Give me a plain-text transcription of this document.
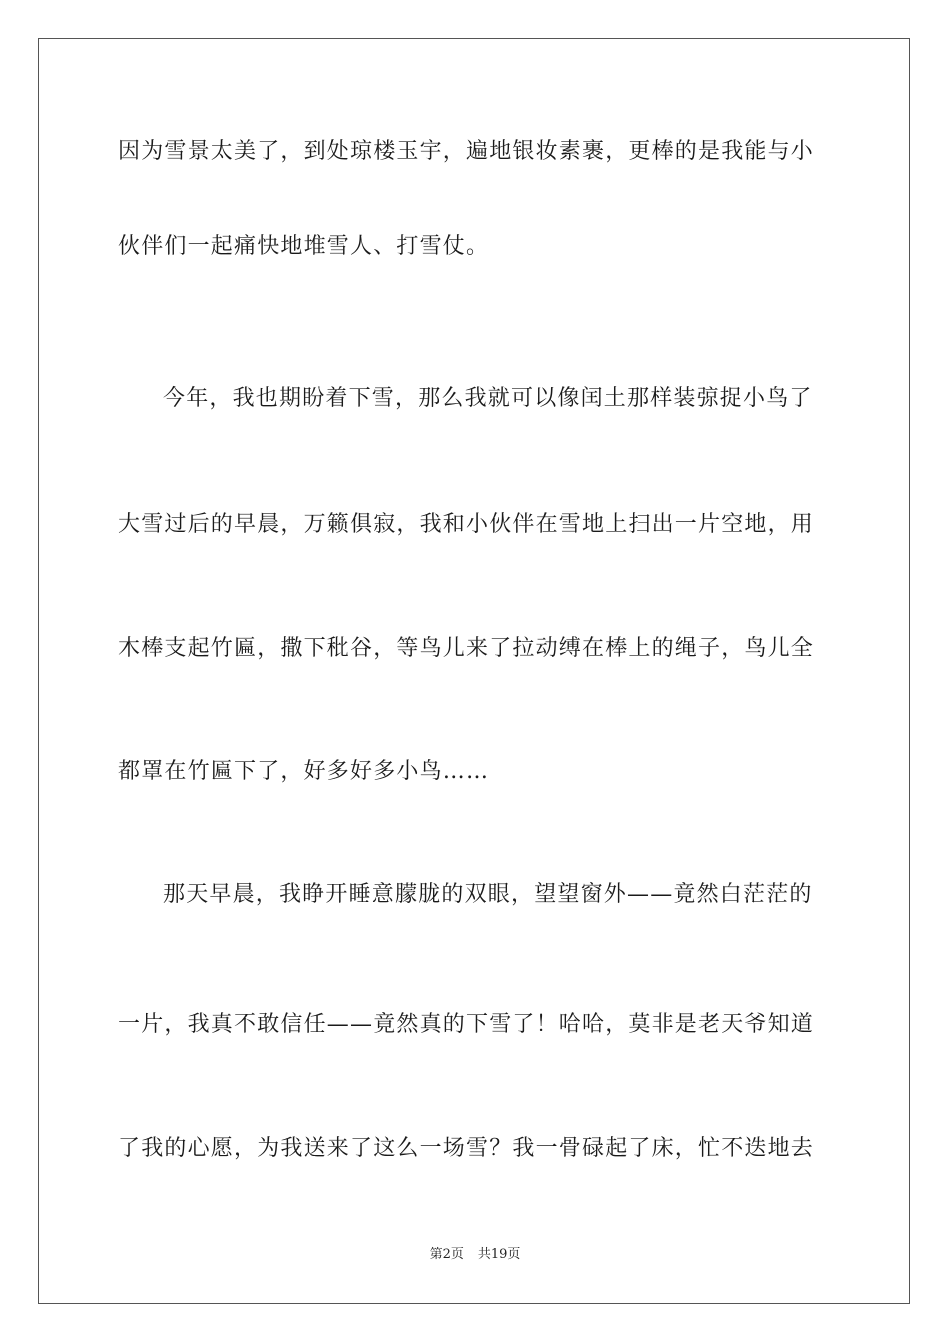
因为雪景太美了，到处琼楼玉宇，遍地银妆素裹，更棒的是我能与小
伙伴们一起痛快地堆雪人、打雪仗。
今年，我也期盼着下雪，那么我就可以像闰土那样装弶捉小鸟了
大雪过后的早晨，万籁俱寂，我和小伙伴在雪地上扫出一片空地，用
木棒支起竹匾，撒下秕谷，等鸟儿来了拉动缚在棒上的绳子，鸟儿全
都罩在竹匾下了，好多好多小鸟……
那天早晨，我睁开睡意朦胧的双眼，望望窗外——竟然白茫茫的
一片，我真不敢信任——竟然真的下雪了！哈哈，莫非是老天爷知道
了我的心愿，为我送来了这么一场雪？我一骨碌起了床，忙不迭地去
第2页 共19页
